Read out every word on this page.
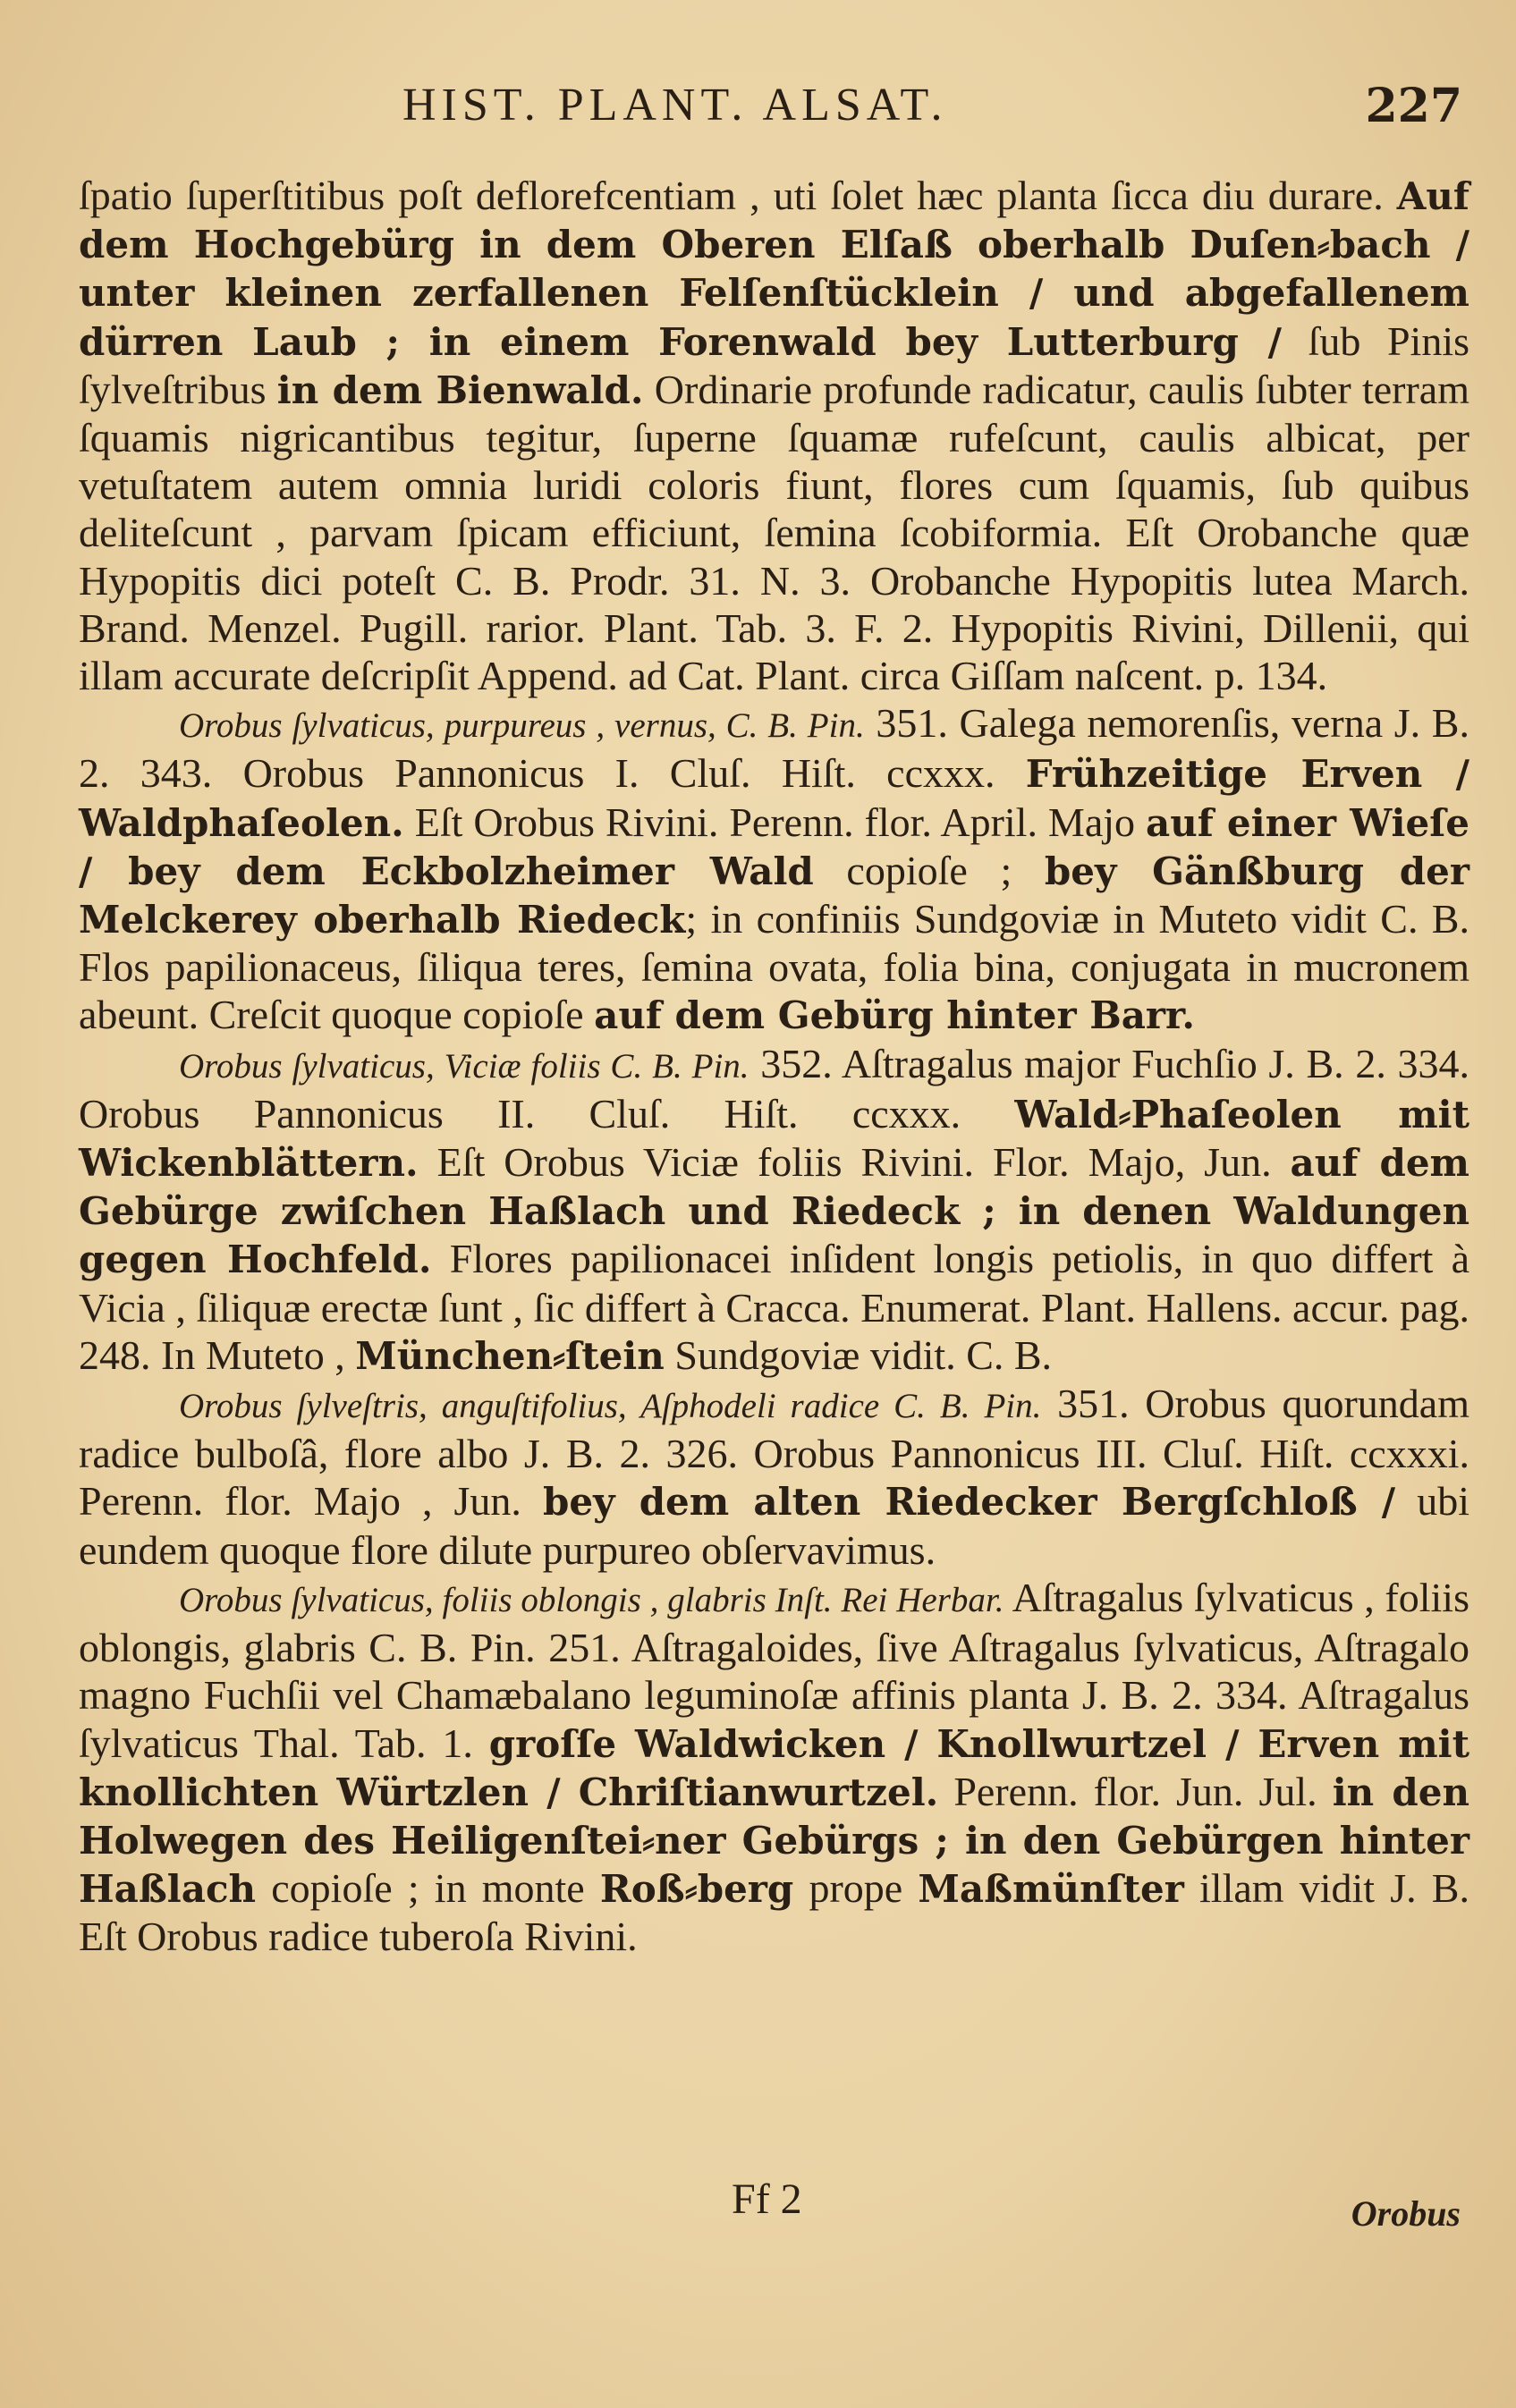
HIST. PLANT. ALSAT.	227

ſpatio ſuperſtitibus poſt deflorefcentiam , uti ſolet hæc planta ſicca diu durare. Auf dem Hochgebürg in dem Oberen Elſaß oberhalb Duſen⸗bach / unter kleinen zerfallenen Felſenſtücklein / und abgefallenem dürren Laub ; in einem Forenwald bey Lutterburg / ſub Pinis ſylveſtribus in dem Bienwald. Ordinarie profunde radicatur, caulis ſubter terram ſquamis nigricantibus tegitur, ſuperne ſquamæ rufeſcunt, caulis albicat, per vetuſtatem autem omnia luridi coloris fiunt, flores cum ſquamis, ſub quibus deliteſcunt , parvam ſpicam efficiunt, ſemina ſcobiformia. Eſt Orobanche quæ Hypopitis dici poteſt C. B. Prodr. 31. N. 3. Orobanche Hypopitis lutea March. Brand. Menzel. Pugill. rarior. Plant. Tab. 3. F. 2. Hypopitis Rivini, Dillenii, qui illam accurate deſcripſit Append. ad Cat. Plant. circa Giſſam naſcent. p. 134.

Orobus ſylvaticus, purpureus , vernus, C. B. Pin. 351. Galega nemorenſis, verna J. B. 2. 343. Orobus Pannonicus I. Cluſ. Hiſt. ccxxx. Frühzeitige Erven / Waldphaſeolen. Eſt Orobus Rivini. Perenn. flor. April. Majo auf einer Wieſe / bey dem Eckbolzheimer Wald copioſe ; bey Gänßburg der Melckerey oberhalb Riedeck; in confiniis Sundgoviæ in Muteto vidit C. B. Flos papilionaceus, ſiliqua teres, ſemina ovata, folia bina, conjugata in mucronem abeunt. Creſcit quoque copioſe auf dem Gebürg hinter Barr.

Orobus ſylvaticus, Viciæ foliis C. B. Pin. 352. Aſtragalus major Fuchſio J. B. 2. 334. Orobus Pannonicus II. Cluſ. Hiſt. ccxxx. Wald⸗Phaſeolen mit Wickenblättern. Eſt Orobus Viciæ foliis Rivini. Flor. Majo, Jun. auf dem Gebürge zwiſchen Haßlach und Riedeck ; in denen Waldungen gegen Hochfeld. Flores papilionacei inſident longis petiolis, in quo differt à Vicia , ſiliquæ erectæ ſunt , ſic differt à Cracca. Enumerat. Plant. Hallens. accur. pag. 248. In Muteto , München⸗ſtein Sundgoviæ vidit. C. B.

Orobus ſylveſtris, anguſtifolius, Aſphodeli radice C. B. Pin. 351. Orobus quorundam radice bulboſâ, flore albo J. B. 2. 326. Orobus Pannonicus III. Cluſ. Hiſt. ccxxxi. Perenn. flor. Majo , Jun. bey dem alten Riedecker Bergſchloß / ubi eundem quoque flore dilute purpureo obſervavimus.

Orobus ſylvaticus, foliis oblongis , glabris Inſt. Rei Herbar. Aſtragalus ſylvaticus , foliis oblongis, glabris C. B. Pin. 251. Aſtragaloides, ſive Aſtragalus ſylvaticus, Aſtragalo magno Fuchſii vel Chamæbalano leguminoſæ affinis planta J. B. 2. 334. Aſtragalus ſylvaticus Thal. Tab. 1. groſſe Waldwicken / Knollwurtzel / Erven mit knollichten Würtzlen / Chriſtianwurtzel. Perenn. flor. Jun. Jul. in den Holwegen des Heiligenſtei⸗ner Gebürgs ; in den Gebürgen hinter Haßlach copioſe ; in monte Roß⸗berg prope Maßmünſter illam vidit J. B. Eſt Orobus radice tuberoſa Rivini.

Ff 2	Orobus
